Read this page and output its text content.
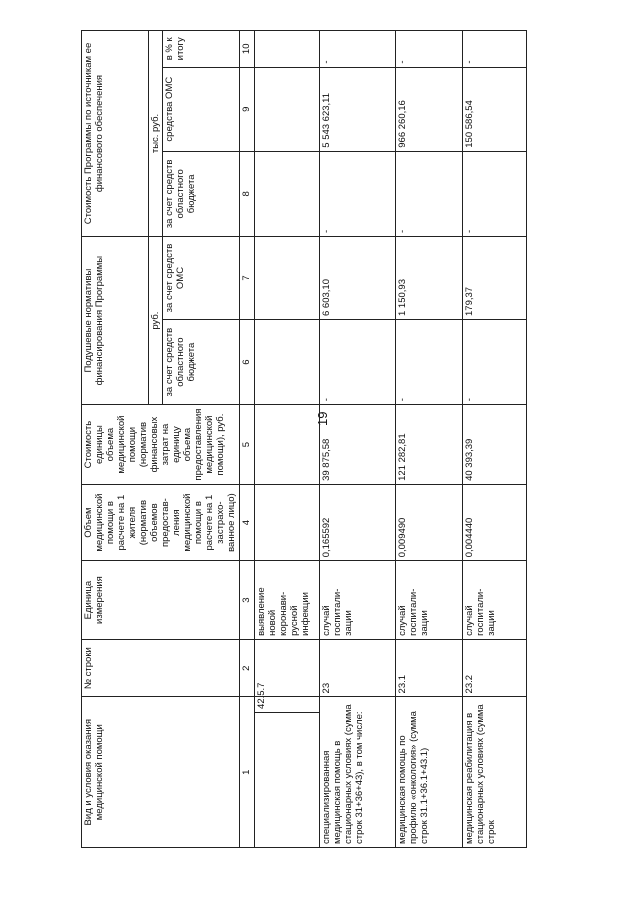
19
Вид и условия оказания медицинской помощи		№ строки	Единица измерения	Объем медицинской помощи в расчете на 1 жителя (норматив объемов предостав-ления медицинской помощи в расчете на 1 застрахо-ванное лицо)	Стоимость единицы объема медицинской помощи (норматив финансовых затрат на единицу объема предоставления медицинской помощи), руб.	Подушевые нормативы финансирования Программы		Стоимость Программы по источникам ее финансового обеспечения		
						руб.		тыс. руб.		
						за счет средств областного бюджета	за счет средств ОМС	за счет средств областного бюджета	средства ОМС	в % к итогу
1		2	3	4	5	6	7	8	9	10
	42.5.7		выявление новой коронави-русной инфекции							
специализированная медицинская помощь в стационарных условиях (сумма строк 31+36+43), в том числе:		23	случай госпитали-зации	0,165592	39 875,58	-	6 603,10	-	5 543 623,11	-
медицинская помощь по профилю «онкология» (сумма строк 31.1+36.1+43.1)		23.1	случай госпитали-зации	0,009490	121 282,81	-	1 150,93	-	966 260,16	-
медицинская реабилитация в стационарных условиях (сумма строк		23.2	случай госпитали-зации	0,004440	40 393,39	-	179,37	-	150 586,54	-
